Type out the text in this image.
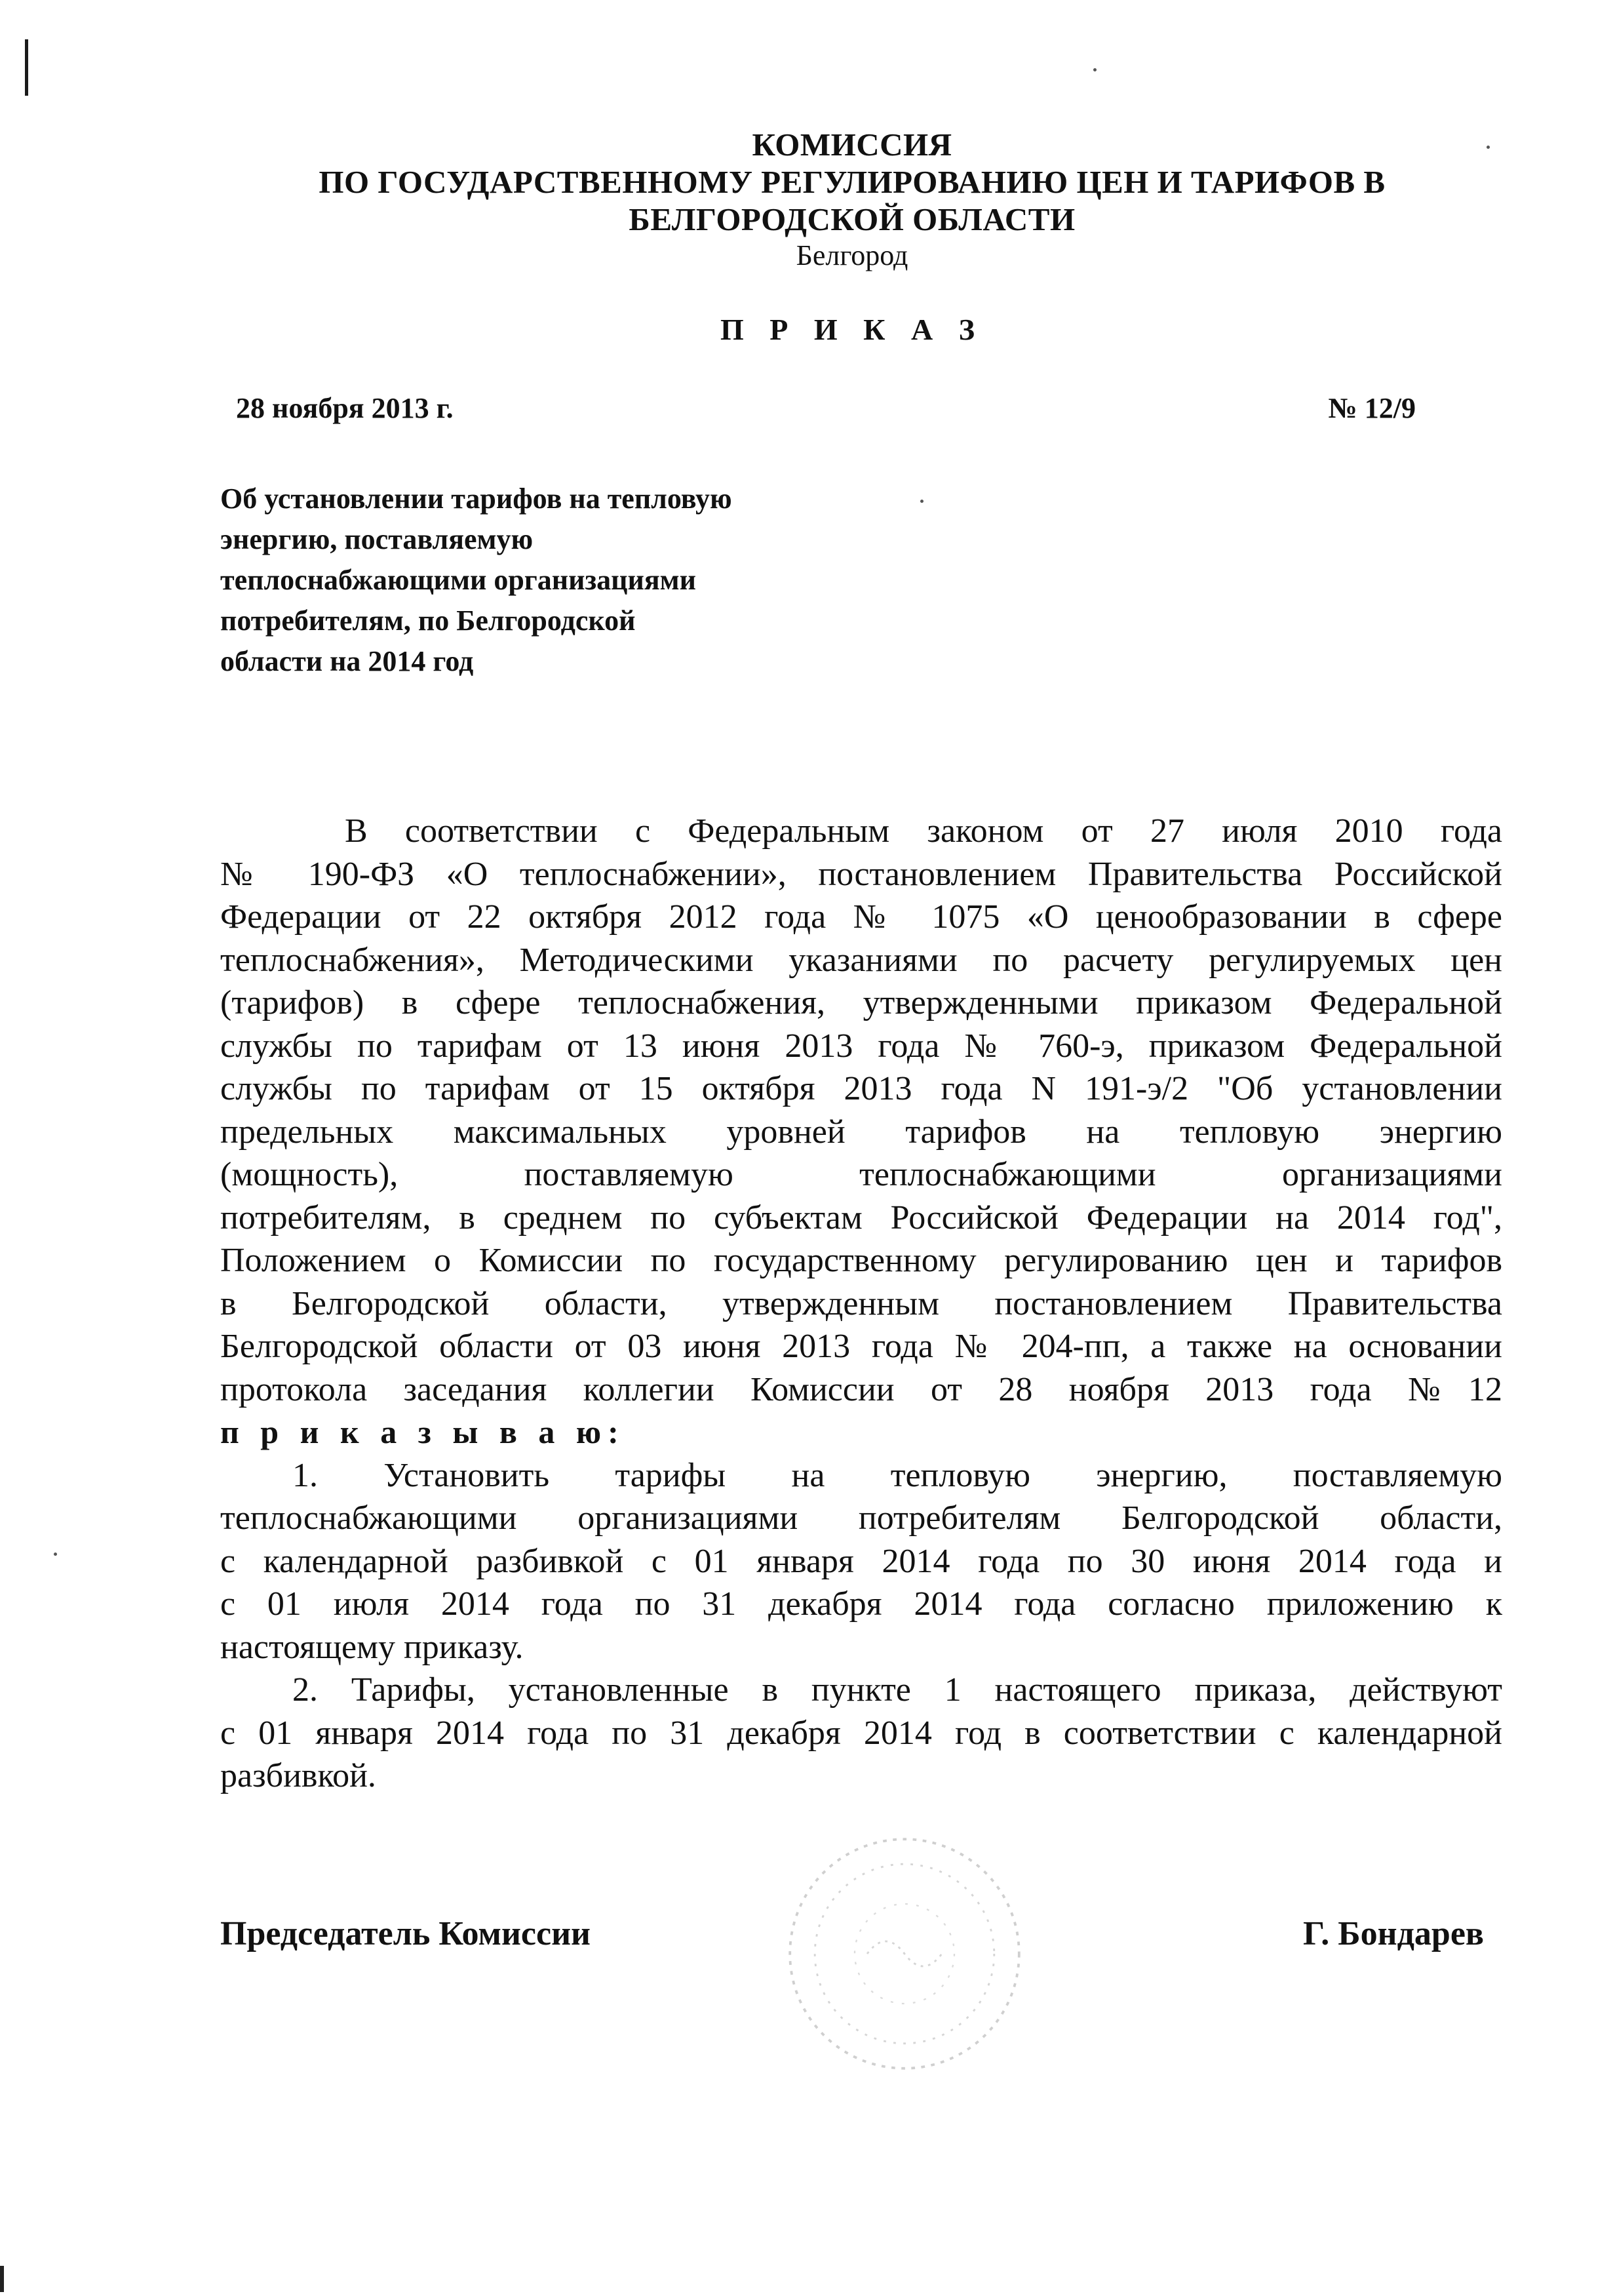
КОМИССИЯ
ПО ГОСУДАРСТВЕННОМУ РЕГУЛИРОВАНИЮ ЦЕН И ТАРИФОВ В
БЕЛГОРОДСКОЙ ОБЛАСТИ
Белгород
П Р И К А З
28 ноября 2013 г.	№ 12/9
Об установлении тарифов на тепловую
энергию, поставляемую
теплоснабжающими организациями
потребителям, по Белгородской
области на 2014 год
В соответствии с Федеральным законом от 27 июля 2010 года
№ 190-ФЗ «О теплоснабжении», постановлением Правительства Российской
Федерации от 22 октября 2012 года № 1075 «О ценообразовании в сфере
теплоснабжения», Методическими указаниями по расчету регулируемых цен
(тарифов) в сфере теплоснабжения, утвержденными приказом Федеральной
службы по тарифам от 13 июня 2013 года № 760-э, приказом Федеральной
службы по тарифам от 15 октября 2013 года N 191-э/2 "Об установлении
предельных максимальных уровней тарифов на тепловую энергию
(мощность), поставляемую теплоснабжающими организациями
потребителям, в среднем по субъектам Российской Федерации на 2014 год",
Положением о Комиссии по государственному регулированию цен и тарифов
в Белгородской области, утвержденным постановлением Правительства
Белгородской области от 03 июня 2013 года № 204-пп, а также на основании
протокола заседания коллегии Комиссии от 28 ноября 2013 года №12
п р и к а з ы в а ю:
1. Установить тарифы на тепловую энергию, поставляемую
теплоснабжающими организациями потребителям Белгородской области,
с календарной разбивкой с 01 января 2014 года по 30 июня 2014 года и
с 01 июля 2014 года по 31 декабря 2014 года согласно приложению к
настоящему приказу.
2. Тарифы, установленные в пункте 1 настоящего приказа, действуют
с 01 января 2014 года по 31 декабря 2014 год в соответствии с календарной
разбивкой.
Председатель Комиссии	Г. Бондарев
